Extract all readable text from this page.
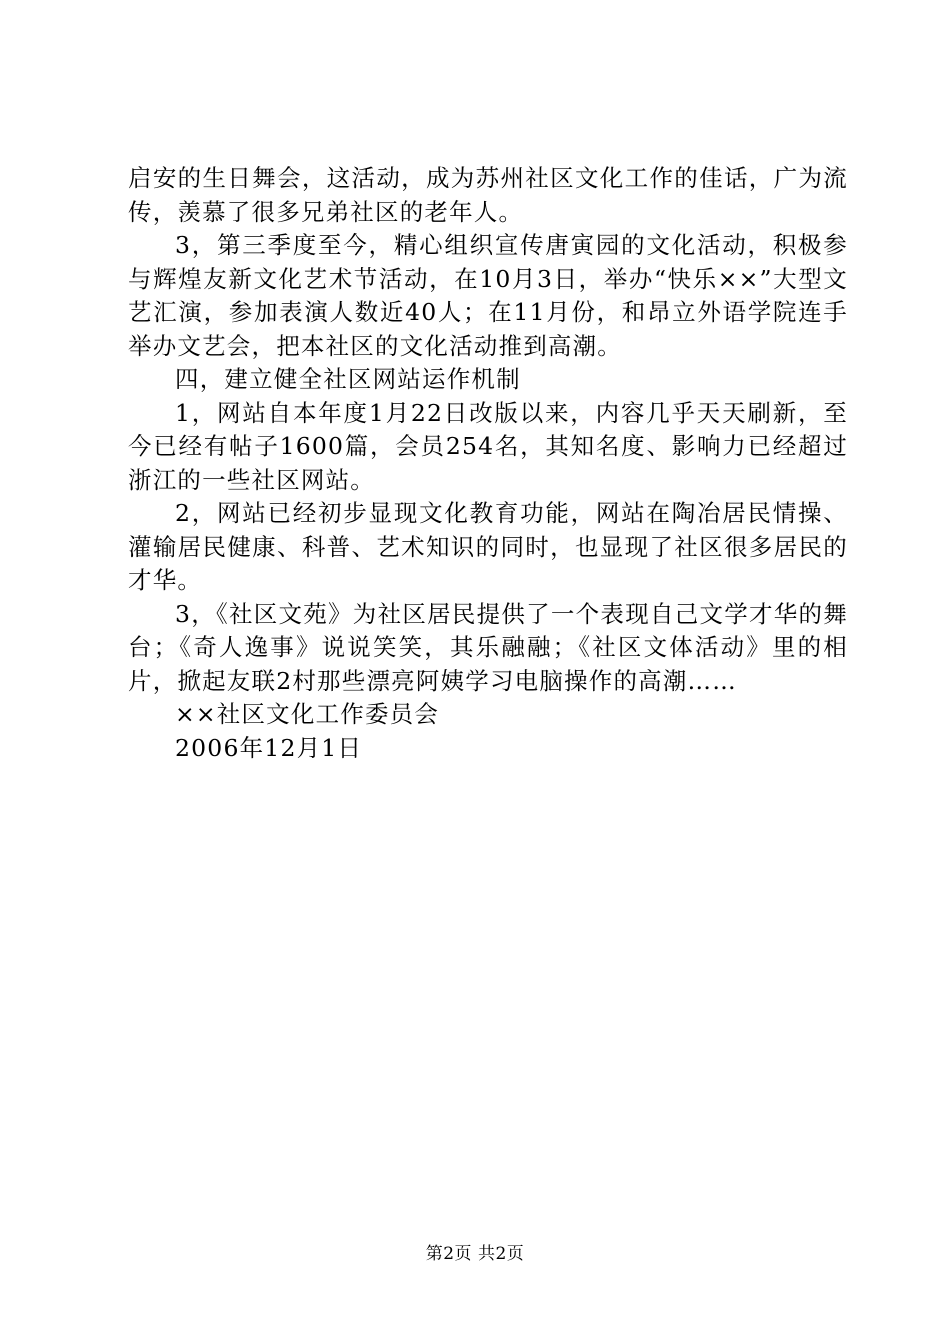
启安的生日舞会，这活动，成为苏州社区文化工作的佳话，广为流传，羡慕了很多兄弟社区的老年人。

3，第三季度至今，精心组织宣传唐寅园的文化活动，积极参与辉煌友新文化艺术节活动，在10月3日，举办“快乐××”大型文艺汇演，参加表演人数近40人；在11月份，和昂立外语学院连手举办文艺会，把本社区的文化活动推到高潮。

四，建立健全社区网站运作机制

1，网站自本年度1月22日改版以来，内容几乎天天刷新，至今已经有帖子1600篇，会员254名，其知名度、影响力已经超过浙江的一些社区网站。

2，网站已经初步显现文化教育功能，网站在陶冶居民情操、灌输居民健康、科普、艺术知识的同时，也显现了社区很多居民的才华。

3，《社区文苑》为社区居民提供了一个表现自己文学才华的舞台；《奇人逸事》说说笑笑，其乐融融；《社区文体活动》里的相片，掀起友联2村那些漂亮阿姨学习电脑操作的高潮……

××社区文化工作委员会

2006年12月1日

第2页 共2页
